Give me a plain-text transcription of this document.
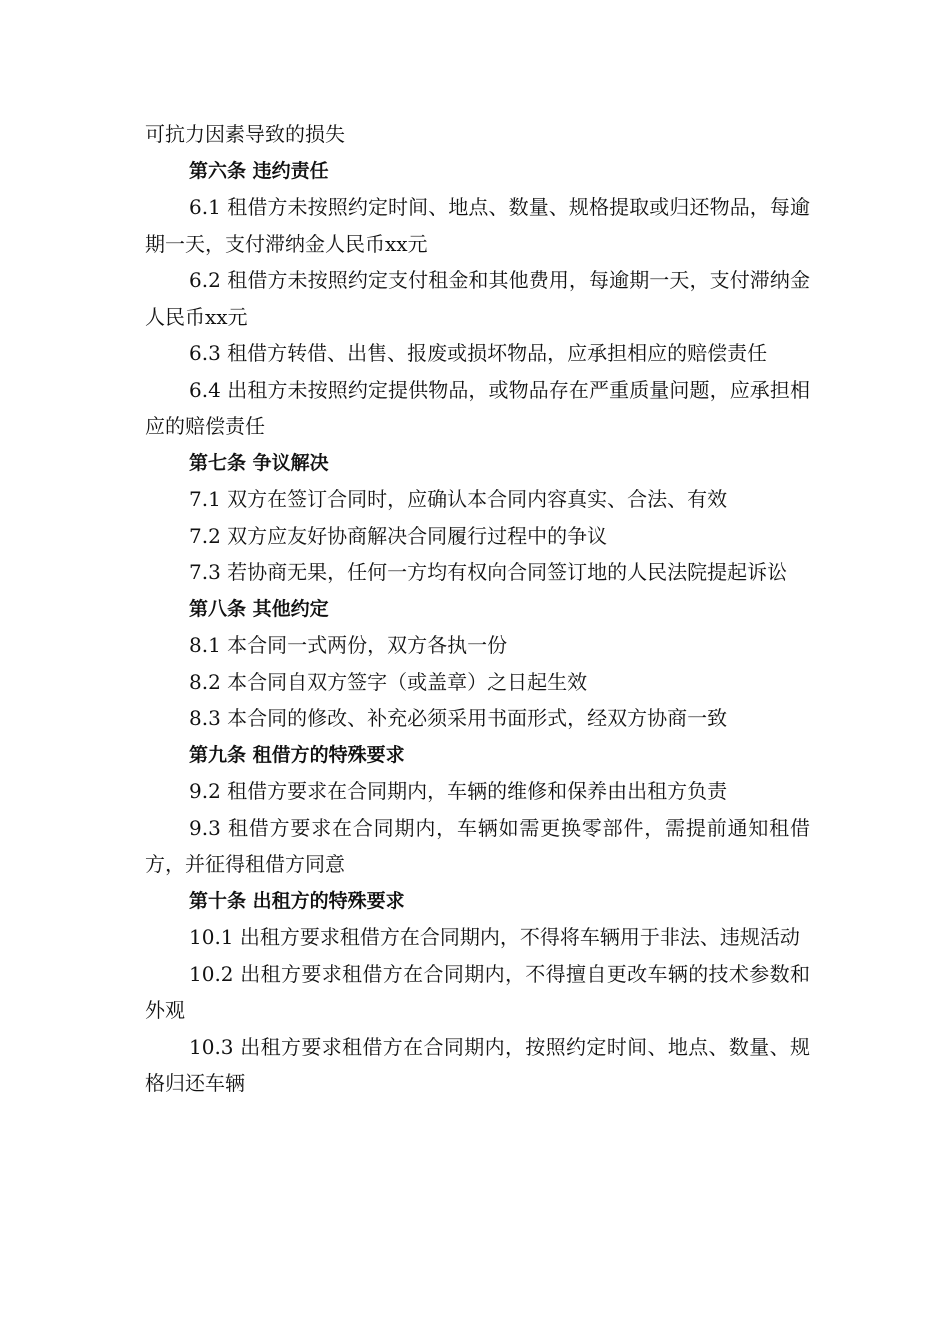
可抗力因素导致的损失

第六条 违约责任

6.1 租借方未按照约定时间、地点、数量、规格提取或归还物品，每逾期一天，支付滞纳金人民币xx元

6.2 租借方未按照约定支付租金和其他费用，每逾期一天，支付滞纳金人民币xx元

6.3 租借方转借、出售、报废或损坏物品，应承担相应的赔偿责任

6.4 出租方未按照约定提供物品，或物品存在严重质量问题，应承担相应的赔偿责任

第七条 争议解决

7.1 双方在签订合同时，应确认本合同内容真实、合法、有效

7.2 双方应友好协商解决合同履行过程中的争议

7.3 若协商无果，任何一方均有权向合同签订地的人民法院提起诉讼

第八条 其他约定

8.1 本合同一式两份，双方各执一份

8.2 本合同自双方签字（或盖章）之日起生效

8.3 本合同的修改、补充必须采用书面形式，经双方协商一致

第九条 租借方的特殊要求

9.2 租借方要求在合同期内，车辆的维修和保养由出租方负责

9.3 租借方要求在合同期内，车辆如需更换零部件，需提前通知租借方，并征得租借方同意

第十条 出租方的特殊要求

10.1 出租方要求租借方在合同期内，不得将车辆用于非法、违规活动

10.2 出租方要求租借方在合同期内，不得擅自更改车辆的技术参数和外观

10.3 出租方要求租借方在合同期内，按照约定时间、地点、数量、规格归还车辆
